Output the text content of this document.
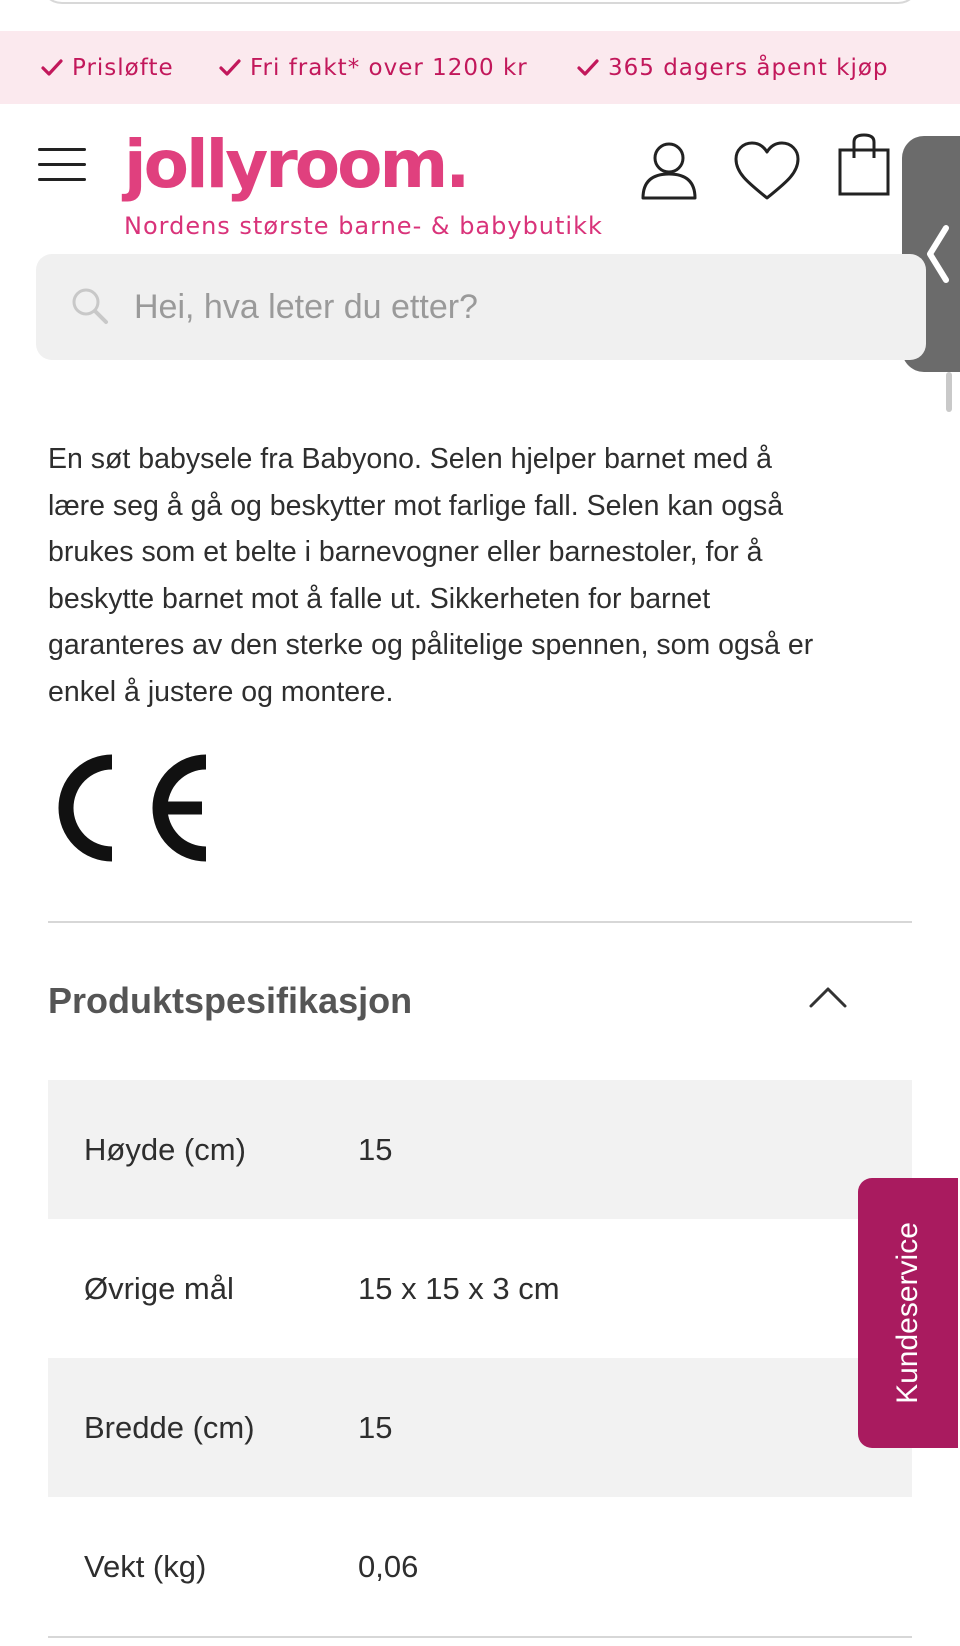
Prisløfte	Fri frakt* over 1200 kr	365 dagers åpent kjøp
jollyroom.
Nordens største barne- & babybutikk
Hei, hva leter du etter?
En søt babysele fra Babyono. Selen hjelper barnet med å
lære seg å gå og beskytter mot farlige fall. Selen kan også
brukes som et belte i barnevogner eller barnestoler, for å
beskytte barnet mot å falle ut. Sikkerheten for barnet
garanteres av den sterke og pålitelige spennen, som også er
enkel å justere og montere.
Produktspesifikasjon
Høyde (cm)	15
Øvrige mål	15 x 15 x 3 cm
Bredde (cm)	15
Vekt (kg)	0,06
Kundeservice
